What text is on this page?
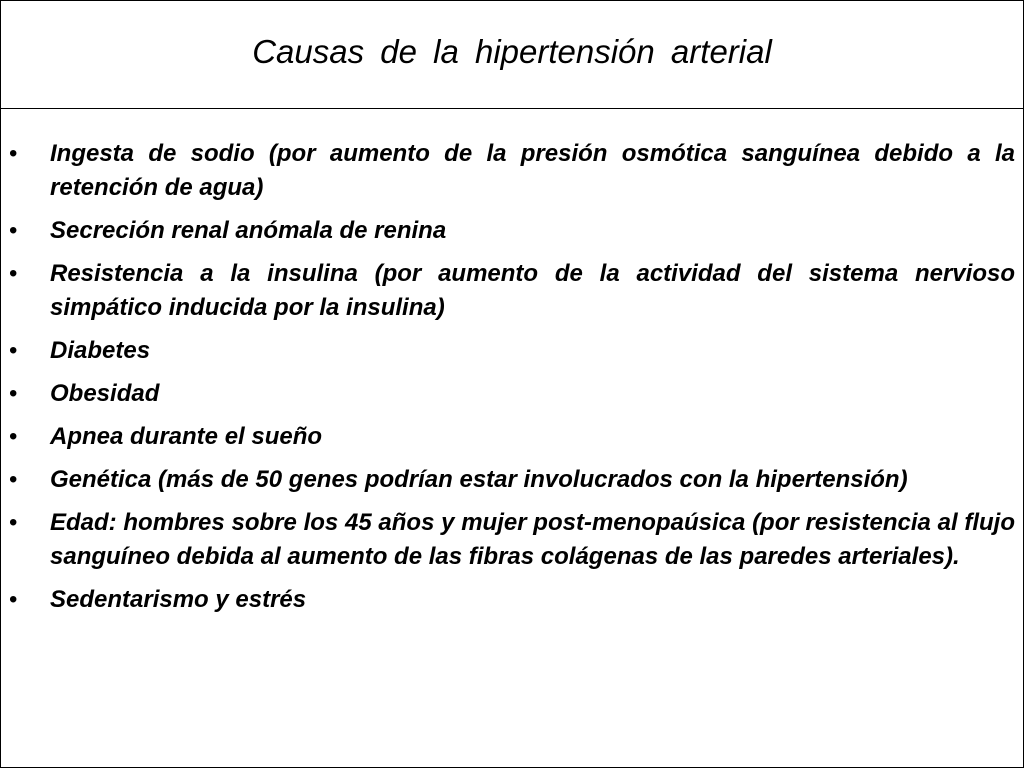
Causas de la hipertensión arterial
• Ingesta de sodio (por aumento de la presión osmótica sanguínea debido a la retención de agua)
• Secreción renal anómala de renina
• Resistencia a la insulina (por aumento de la actividad del sistema nervioso simpático inducida por la insulina)
• Diabetes
• Obesidad
• Apnea durante el sueño
• Genética (más de 50 genes podrían estar involucrados con la hipertensión)
• Edad: hombres sobre los 45 años y mujer post-menopaúsica (por resistencia al flujo sanguíneo debida al aumento de las fibras colágenas de las paredes arteriales).
• Sedentarismo y estrés
